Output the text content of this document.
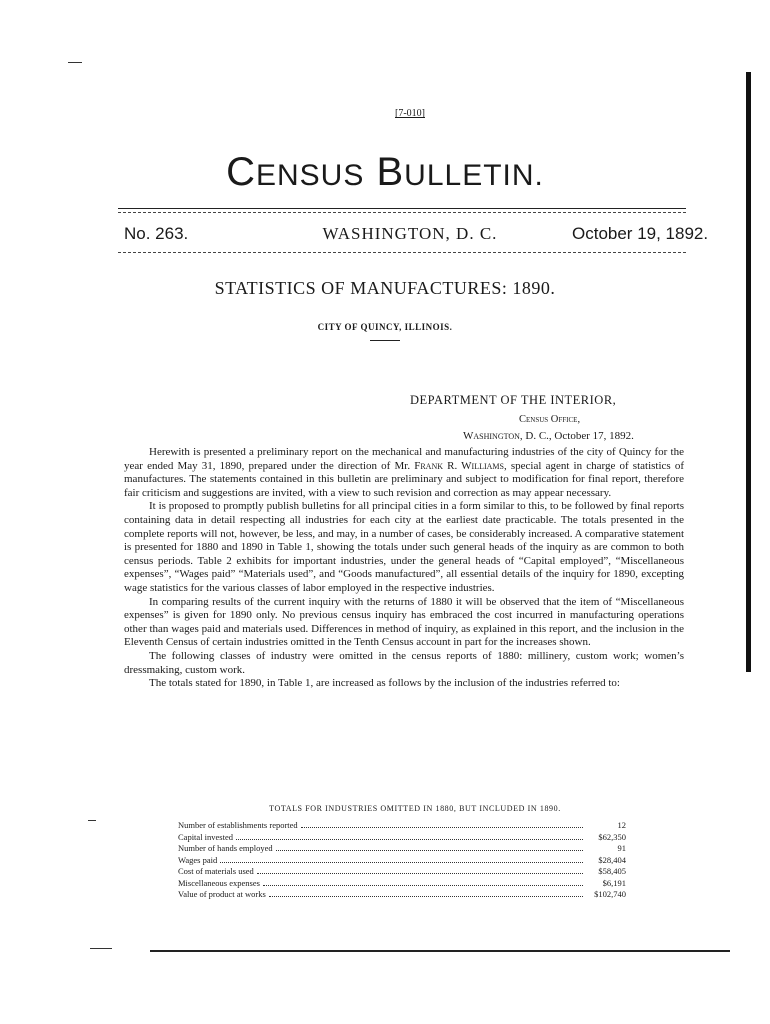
[7-010]
CENSUS BULLETIN.
No. 263.	WASHINGTON, D. C.	October 19, 1892.
STATISTICS OF MANUFACTURES: 1890.
CITY OF QUINCY, ILLINOIS.
DEPARTMENT OF THE INTERIOR,
Census Office,
Washington, D. C., October 17, 1892.

Herewith is presented a preliminary report on the mechanical and manufacturing industries of the city of Quincy for the year ended May 31, 1890, prepared under the direction of Mr. Frank R. Williams, special agent in charge of statistics of manufactures. The statements contained in this bulletin are preliminary and subject to modification for final report, therefore fair criticism and suggestions are invited, with a view to such revision and correction as may appear necessary.

It is proposed to promptly publish bulletins for all principal cities in a form similar to this, to be followed by final reports containing data in detail respecting all industries for each city at the earliest date practicable. The totals presented in the complete reports will not, however, be less, and may, in a number of cases, be considerably increased. A comparative statement is presented for 1880 and 1890 in Table 1, showing the totals under such general heads of the inquiry as are common to both census periods. Table 2 exhibits for important industries, under the general heads of “Capital employed”, “Miscellaneous expenses”, “Wages paid” “Materials used”, and “Goods manufactured”, all essential details of the inquiry for 1890, excepting wage statistics for the various classes of labor employed in the respective industries.

In comparing results of the current inquiry with the returns of 1880 it will be observed that the item of “Miscellaneous expenses” is given for 1890 only. No previous census inquiry has embraced the cost incurred in manufacturing operations other than wages paid and materials used. Differences in method of inquiry, as explained in this report, and the inclusion in the Eleventh Census of certain industries omitted in the Tenth Census account in part for the increases shown.

The following classes of industry were omitted in the census reports of 1880: millinery, custom work; women’s dressmaking, custom work.

The totals stated for 1890, in Table 1, are increased as follows by the inclusion of the industries referred to:

TOTALS FOR INDUSTRIES OMITTED IN 1880, BUT INCLUDED IN 1890.
Number of establishments reported	12
Capital invested	$62,350
Number of hands employed	91
Wages paid	$28,404
Cost of materials used	$58,405
Miscellaneous expenses	$6,191
Value of product at works	$102,740
